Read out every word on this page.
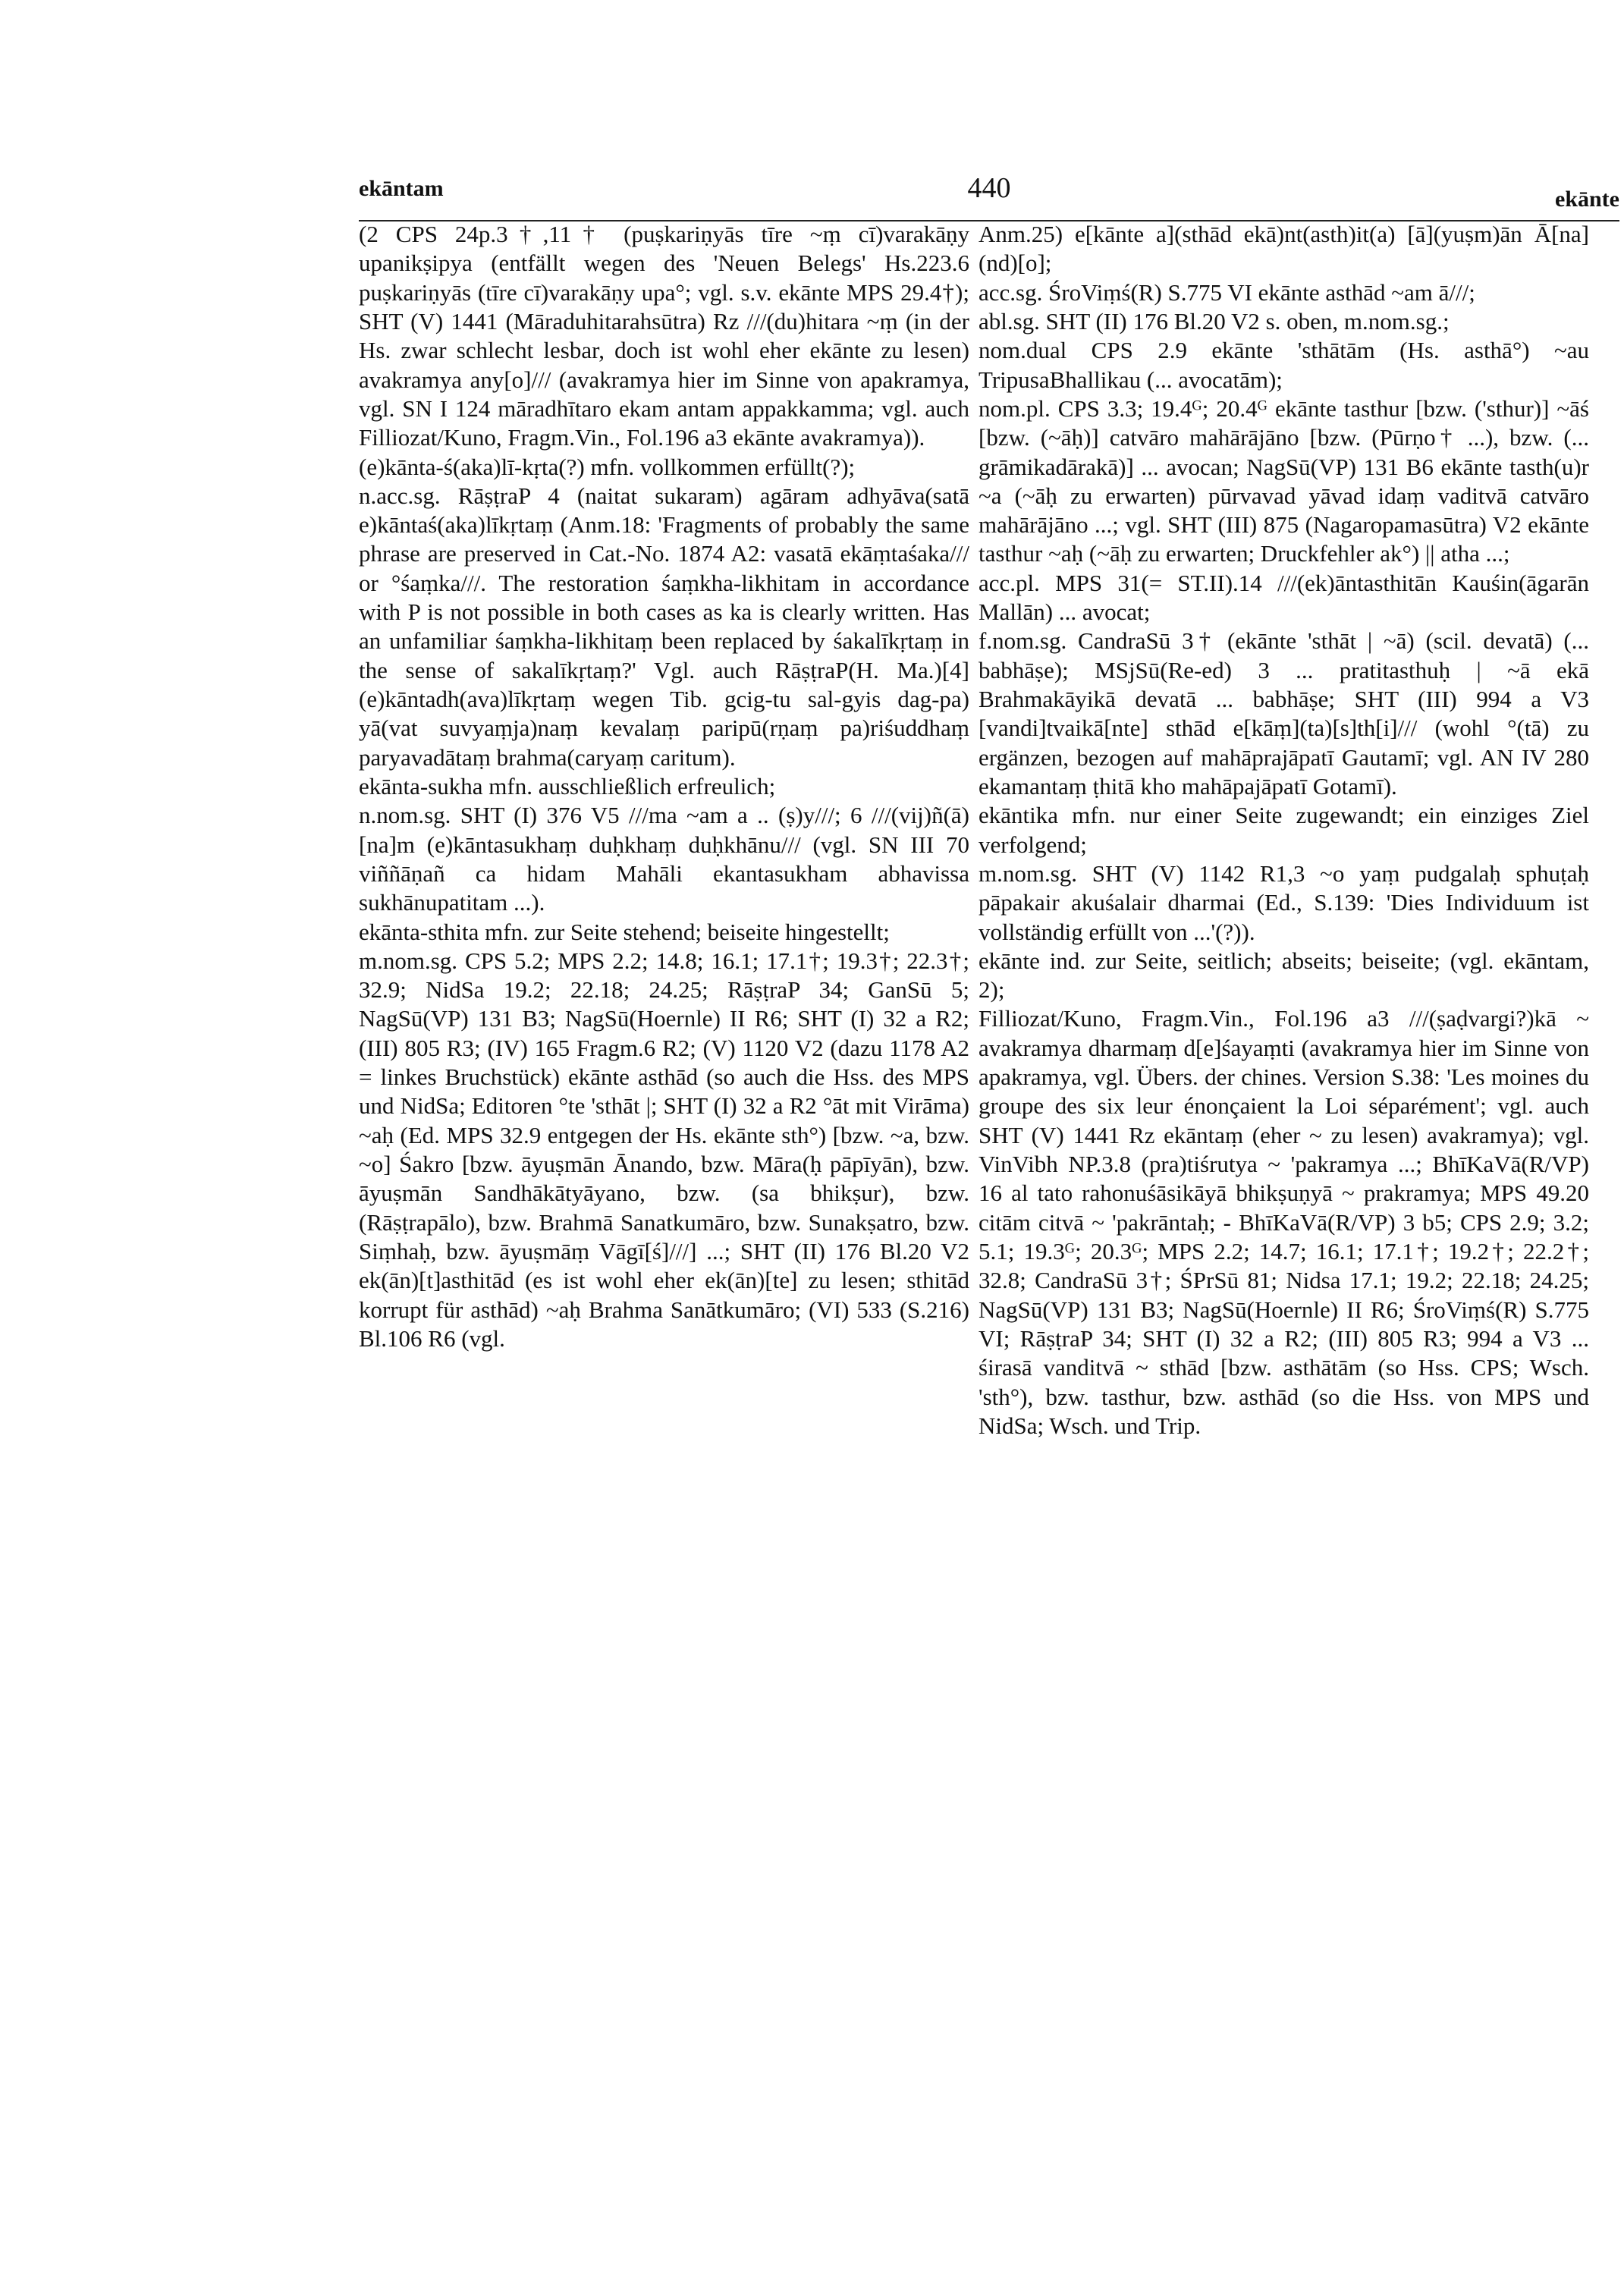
440
ekāntam	ekānte

(2 CPS 24p.3†,11† (puṣkariṇyās tīre ~ṃ cī)varakāṇy upanikṣipya (entfällt wegen des 'Neuen Belegs' Hs.223.6 puṣkariṇyās (tīre cī)varakāṇy upa°; vgl. s.v. ekānte MPS 29.4†); SHT (V) 1441 (Māraduhitarahsūtra) Rz ///(du)hitara ~ṃ (in der Hs. zwar schlecht lesbar, doch ist wohl eher ekānte zu lesen) avakramya any[o]/// (avakramya hier im Sinne von apakramya, vgl. SN I 124 māradhītaro ekam antam appakkamma; vgl. auch Filliozat/Kuno, Fragm.Vin., Fol.196 a3 ekānte avakramya)).

(e)kānta-ś(aka)lī-kṛta(?) mfn. vollkommen erfüllt(?);

n.acc.sg. RāṣṭraP 4 (naitat sukaram) agāram adhyāva(satā e)kāntaś(aka)līkṛtaṃ (Anm.18: 'Fragments of probably the same phrase are preserved in Cat.-No. 1874 A2: vasatā ekāṃtaśaka/// or °śaṃka///. The restoration śaṃkha-likhitam in accordance with P is not possible in both cases as ka is clearly written. Has an unfamiliar śaṃkha-likhitaṃ been replaced by śakalīkṛtaṃ in the sense of sakalīkṛtaṃ?' Vgl. auch RāṣṭraP(H. Ma.)[4] (e)kāntadh(ava)līkṛtaṃ wegen Tib. gcig-tu sal-gyis dag-pa) yā(vat suvyaṃja)naṃ kevalaṃ paripū(rṇaṃ pa)riśuddhaṃ paryavadātaṃ brahma(caryaṃ caritum).

ekānta-sukha mfn. ausschließlich erfreulich;

n.nom.sg. SHT (I) 376 V5 ///ma ~am a .. (ṣ)y///; 6 ///(vij)ñ(ā)[na]m (e)kāntasukhaṃ duḥkhaṃ duḥkhānu/// (vgl. SN III 70 viññāṇañ ca hidam Mahāli ekantasukham abhavissa sukhānupatitam ...).

ekānta-sthita mfn. zur Seite stehend; beiseite hingestellt;

m.nom.sg. CPS 5.2; MPS 2.2; 14.8; 16.1; 17.1†; 19.3†; 22.3†; 32.9; NidSa 19.2; 22.18; 24.25; RāṣṭraP 34; GanSū 5; NagSū(VP) 131 B3; NagSū(Hoernle) II R6; SHT (I) 32 a R2; (III) 805 R3; (IV) 165 Fragm.6 R2; (V) 1120 V2 (dazu 1178 A2 = linkes Bruchstück) ekānte asthād (so auch die Hss. des MPS und NidSa; Editoren °te 'sthāt |; SHT (I) 32 a R2 °āt mit Virāma) ~aḥ (Ed. MPS 32.9 entgegen der Hs. ekānte sth°) [bzw. ~a, bzw. ~o] Śakro [bzw. āyuṣmān Ānando, bzw. Māra(ḥ pāpīyān), bzw. āyuṣmān Sandhākātyāyano, bzw. (sa bhikṣur), bzw. (Rāṣṭrapālo), bzw. Brahmā Sanatkumāro, bzw. Sunakṣatro, bzw. Siṃhaḥ, bzw. āyuṣmāṃ Vāgī[ś]///] ...; SHT (II) 176 Bl.20 V2 ek(ān)[t]asthitād (es ist wohl eher ek(ān)[te] zu lesen; sthitād korrupt für asthād) ~aḥ Brahma Sanātkumāro; (VI) 533 (S.216) Bl.106 R6 (vgl.

Anm.25) e[kānte a](sthād ekā)nt(asth)it(a) [ā](yuṣm)ān Ā[na](nd)[o];

acc.sg. ŚroViṃś(R) S.775 VI ekānte asthād ~am ā///;

abl.sg. SHT (II) 176 Bl.20 V2 s. oben, m.nom.sg.;

nom.dual CPS 2.9 ekānte 'sthātām (Hs. asthā°) ~au TripusaBhallikau (... avocatām);

nom.pl. CPS 3.3; 19.4ᴳ; 20.4ᴳ ekānte tasthur [bzw. ('sthur)] ~āś [bzw. (~āḥ)] catvāro mahārājāno [bzw. (Pūrṇo† ...), bzw. (... grāmikadārakā)] ... avocan; NagSū(VP) 131 B6 ekānte tasth(u)r ~a (~āḥ zu erwarten) pūrvavad yāvad idaṃ vaditvā catvāro mahārājāno ...; vgl. SHT (III) 875 (Nagaropamasūtra) V2 ekānte tasthur ~aḥ (~āḥ zu erwarten; Druckfehler ak°) || atha ...;

acc.pl. MPS 31(= ST.II).14 ///(ek)āntasthitān Kauśin(āgarān Mallān) ... avocat;

f.nom.sg. CandraSū 3† (ekānte 'sthāt | ~ā) (scil. devatā) (... babhāṣe); MSjSū(Re-ed) 3 ... pratitasthuḥ | ~ā ekā Brahmakāyikā devatā ... babhāṣe; SHT (III) 994 a V3 [vandi]tvaikā[nte] sthād e[kāṃ](ta)[s]th[i]/// (wohl °(tā) zu ergänzen, bezogen auf mahāprajāpatī Gautamī; vgl. AN IV 280 ekamantaṃ ṭhitā kho mahāpajāpatī Gotamī).

ekāntika mfn. nur einer Seite zugewandt; ein einziges Ziel verfolgend;

m.nom.sg. SHT (V) 1142 R1,3 ~o yaṃ pudgalaḥ sphuṭaḥ pāpakair akuśalair dharmai (Ed., S.139: 'Dies Individuum ist vollständig erfüllt von ...'(?)).

ekānte ind. zur Seite, seitlich; abseits; beiseite; (vgl. ekāntam, 2);

Filliozat/Kuno, Fragm.Vin., Fol.196 a3 ///(ṣaḍvargi?)kā ~ avakramya dharmaṃ d[e]śayaṃti (avakramya hier im Sinne von apakramya, vgl. Übers. der chines. Version S.38: 'Les moines du groupe des six leur énonçaient la Loi séparément'; vgl. auch SHT (V) 1441 Rz ekāntaṃ (eher ~ zu lesen) avakramya); vgl. VinVibh NP.3.8 (pra)tiśrutya ~ 'pakramya ...; BhīKaVā(R/VP) 16 al tato rahonuśāsikāyā bhikṣuṇyā ~ prakramya; MPS 49.20 citām citvā ~ 'pakrāntaḥ; - BhīKaVā(R/VP) 3 b5; CPS 2.9; 3.2; 5.1; 19.3ᴳ; 20.3ᴳ; MPS 2.2; 14.7; 16.1; 17.1†; 19.2†; 22.2†; 32.8; CandraSū 3†; ŚPrSū 81; Nidsa 17.1; 19.2; 22.18; 24.25; NagSū(VP) 131 B3; NagSū(Hoernle) II R6; ŚroViṃś(R) S.775 VI; RāṣṭraP 34; SHT (I) 32 a R2; (III) 805 R3; 994 a V3 ... śirasā vanditvā ~ sthād [bzw. asthātām (so Hss. CPS; Wsch. 'sth°), bzw. tasthur, bzw. asthād (so die Hss. von MPS und NidSa; Wsch. und Trip.
